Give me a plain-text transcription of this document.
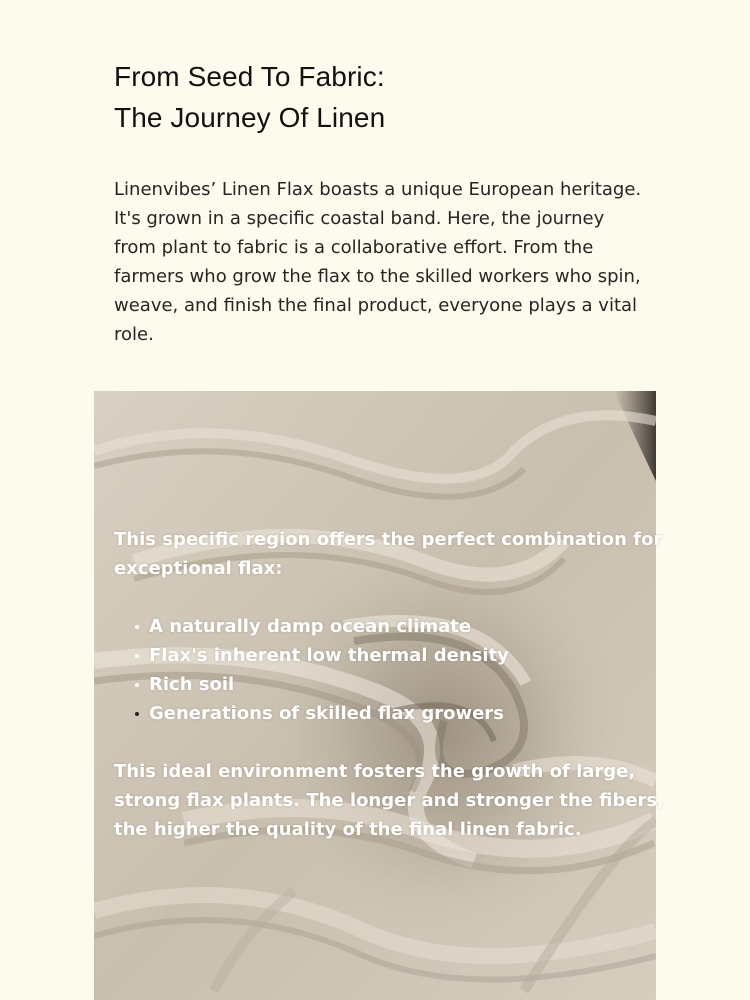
From Seed To Fabric:
The Journey Of Linen

Linenvibes’ Linen Flax boasts a unique European heritage. It's grown in a specific coastal band. Here, the journey from plant to fabric is a collaborative effort. From the farmers who grow the flax to the skilled workers who spin, weave, and finish the final product, everyone plays a vital role.

This specific region offers the perfect combination for exceptional flax:

A naturally damp ocean climate
Flax's inherent low thermal density
Rich soil
Generations of skilled flax growers

This ideal environment fosters the growth of large, strong flax plants. The longer and stronger the fibers, the higher the quality of the final linen fabric.
